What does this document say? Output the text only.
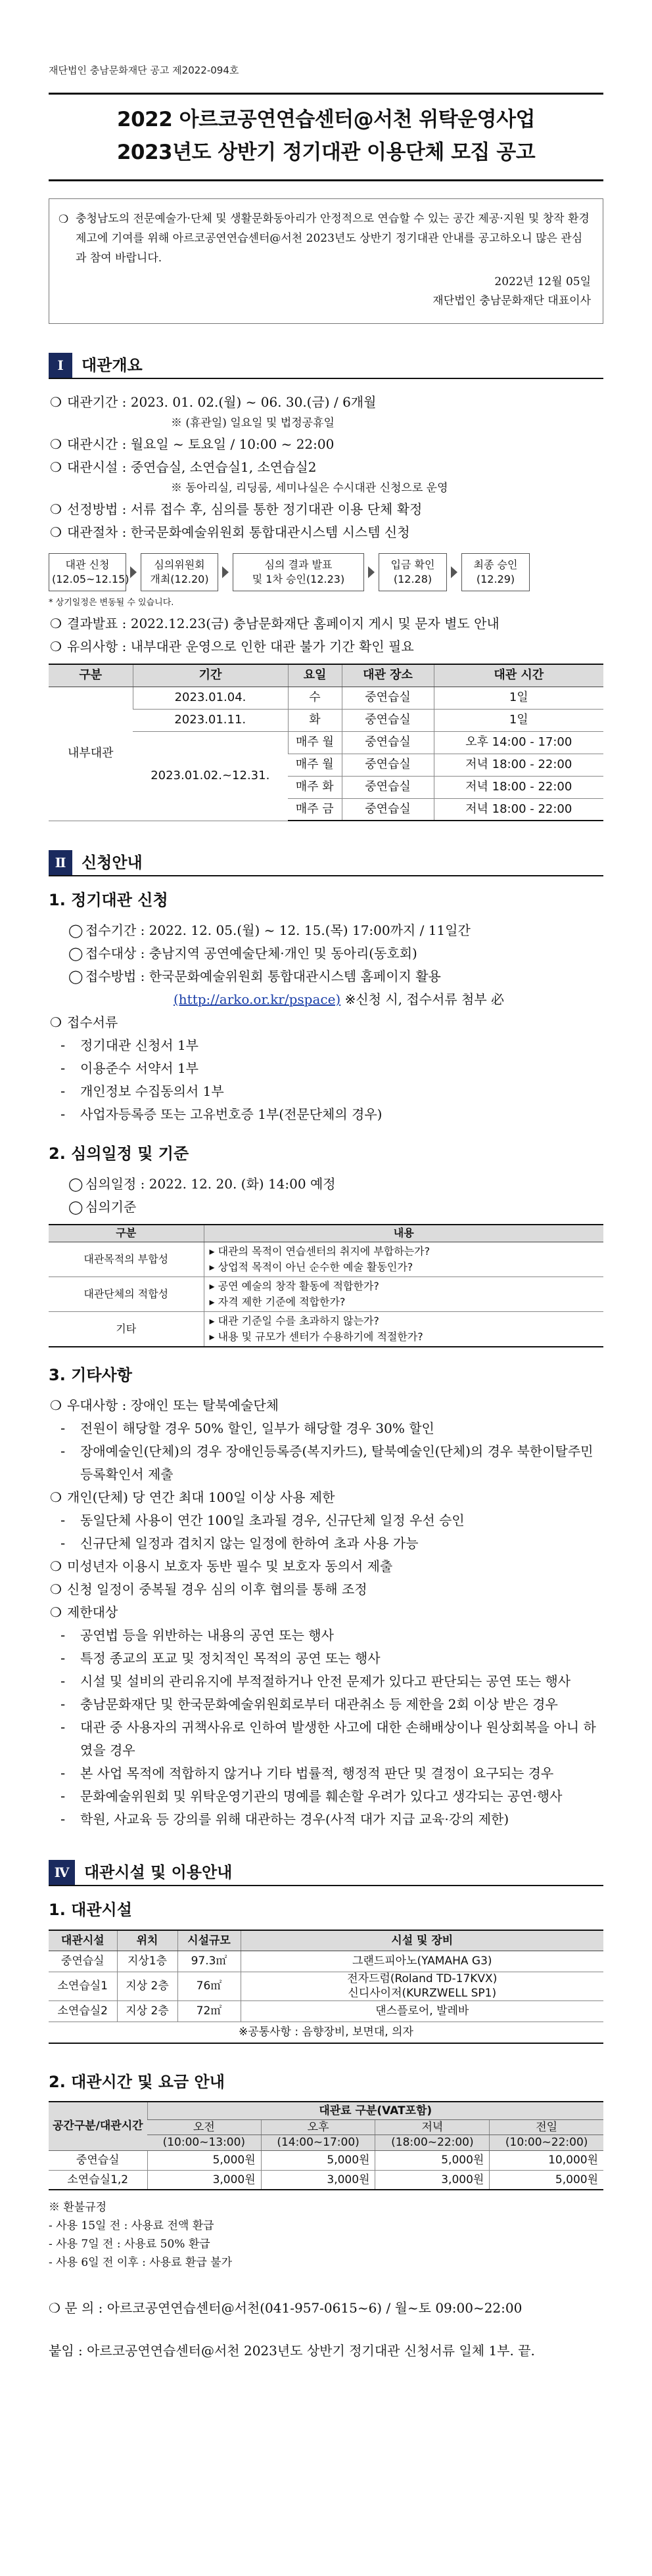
재단법인 충남문화재단 공고 제2022-094호
2022 아르코공연연습센터@서천 위탁운영사업
2023년도 상반기 정기대관 이용단체 모집 공고
❍ 충청남도의 전문예술가·단체 및 생활문화동아리가 안정적으로 연습할 수 있는 공간 제공·지원 및 창작 환경 제고에 기여를 위해 아르코공연연습센터@서천 2023년도 상반기 정기대관 안내를 공고하오니 많은 관심과 참여 바랍니다.
2022년 12월 05일
재단법인 충남문화재단 대표이사
Ⅰ	대관개요
❍ 대관기간 : 2023. 01. 02.(월) ~ 06. 30.(금) / 6개월
※ (휴관일) 일요일 및 법정공휴일
❍ 대관시간 : 월요일 ~ 토요일 / 10:00 ~ 22:00
❍ 대관시설 : 중연습실, 소연습실1, 소연습실2
※ 동아리실, 리딩룸, 세미나실은 수시대관 신청으로 운영
❍ 선정방법 : 서류 접수 후, 심의를 통한 정기대관 이용 단체 확정
❍ 대관절차 : 한국문화예술위원회 통합대관시스템 시스템 신청
대관 신청
(12.05~12.15)
심의위원회
개최(12.20)
심의 결과 발표
및 1차 승인(12.23)
입금 확인
(12.28)
최종 승인
(12.29)
* 상기일정은 변동될 수 있습니다.
❍ 결과발표 : 2022.12.23(금) 충남문화재단 홈페이지 게시 및 문자 별도 안내
❍ 유의사항 : 내부대관 운영으로 인한 대관 불가 기간 확인 필요
구분	기간	요일	대관 장소	대관 시간
내부대관	2023.01.04.	수	중연습실	1일
	2023.01.11.	화	중연습실	1일
	2023.01.02.~12.31.	매주 월	중연습실	오후 14:00 - 17:00
		매주 월	중연습실	저녁 18:00 - 22:00
		매주 화	중연습실	저녁 18:00 - 22:00
		매주 금	중연습실	저녁 18:00 - 22:00
Ⅱ 신청안내
1. 정기대관 신청
◯ 접수기간 : 2022. 12. 05.(월) ~ 12. 15.(목) 17:00까지 / 11일간
◯ 접수대상 : 충남지역 공연예술단체·개인 및 동아리(동호회)
◯ 접수방법 : 한국문화예술위원회 통합대관시스템 홈페이지 활용
(http://arko.or.kr/pspace) ※신청 시, 접수서류 첨부 必
❍ 접수서류
- 정기대관 신청서 1부
- 이용준수 서약서 1부
- 개인정보 수집동의서 1부
- 사업자등록증 또는 고유번호증 1부(전문단체의 경우)
2. 심의일정 및 기준
◯ 심의일정 : 2022. 12. 20. (화) 14:00 예정
◯ 심의기준
구분	내용
대관목적의 부합성	▸ 대관의 목적이 연습센터의 취지에 부합하는가?
▸ 상업적 목적이 아닌 순수한 예술 활동인가?

대관단체의 적합성	▸ 공연 예술의 창작 활동에 적합한가?
▸ 자격 제한 기준에 적합한가?

기타	▸ 대관 기준일 수를 초과하지 않는가?
▸ 내용 및 규모가 센터가 수용하기에 적절한가?
3. 기타사항
❍ 우대사항 : 장애인 또는 탈북예술단체
- 전원이 해당할 경우 50% 할인, 일부가 해당할 경우 30% 할인
- 장애예술인(단체)의 경우 장애인등록증(복지카드), 탈북예술인(단체)의 경우 북한이탈주민등록확인서 제출
❍ 개인(단체) 당 연간 최대 100일 이상 사용 제한
- 동일단체 사용이 연간 100일 초과될 경우, 신규단체 일정 우선 승인
- 신규단체 일정과 겹치지 않는 일정에 한하여 초과 사용 가능
❍ 미성년자 이용시 보호자 동반 필수 및 보호자 동의서 제출
❍ 신청 일정이 중복될 경우 심의 이후 협의를 통해 조정
❍ 제한대상
- 공연법 등을 위반하는 내용의 공연 또는 행사
- 특정 종교의 포교 및 정치적인 목적의 공연 또는 행사
- 시설 및 설비의 관리유지에 부적절하거나 안전 문제가 있다고 판단되는 공연 또는 행사
- 충남문화재단 및 한국문화예술위원회로부터 대관취소 등 제한을 2회 이상 받은 경우
- 대관 중 사용자의 귀책사유로 인하여 발생한 사고에 대한 손해배상이나 원상회복을 아니 하였을 경우
- 본 사업 목적에 적합하지 않거나 기타 법률적, 행정적 판단 및 결정이 요구되는 경우
- 문화예술위원회 및 위탁운영기관의 명예를 훼손할 우려가 있다고 생각되는 공연·행사
- 학원, 사교육 등 강의를 위해 대관하는 경우(사적 대가 지급 교육·강의 제한)
Ⅳ 대관시설 및 이용안내
1. 대관시설
대관시설	위치	시설규모	시설 및 장비
중연습실	지상1층	97.3㎡	그랜드피아노(YAMAHA G3)
소연습실1	지상 2층	76㎡	전자드럼(Roland TD-17KVX)
신디사이저(KURZWELL SP1)
소연습실2	지상 2층	72㎡	댄스플로어, 발레바
※공통사항 : 음향장비, 보면대, 의자			
2. 대관시간 및 요금 안내
공간구분/대관시간	대관료 구분(VAT포함)			
	오전	오후	저녁	전일
	(10:00~13:00)	(14:00~17:00)	(18:00~22:00)	(10:00~22:00)
중연습실	5,000원	5,000원	5,000원	10,000원
소연습실1,2	3,000원	3,000원	3,000원	5,000원
※ 환불규정
- 사용 15일 전 : 사용료 전액 환급
- 사용 7일 전 : 사용료 50% 환급
- 사용 6일 전 이후 : 사용료 환급 불가
❍ 문 의 : 아르코공연연습센터@서천(041-957-0615~6) / 월~토 09:00~22:00
붙임 : 아르코공연연습센터@서천 2023년도 상반기 정기대관 신청서류 일체 1부. 끝.
